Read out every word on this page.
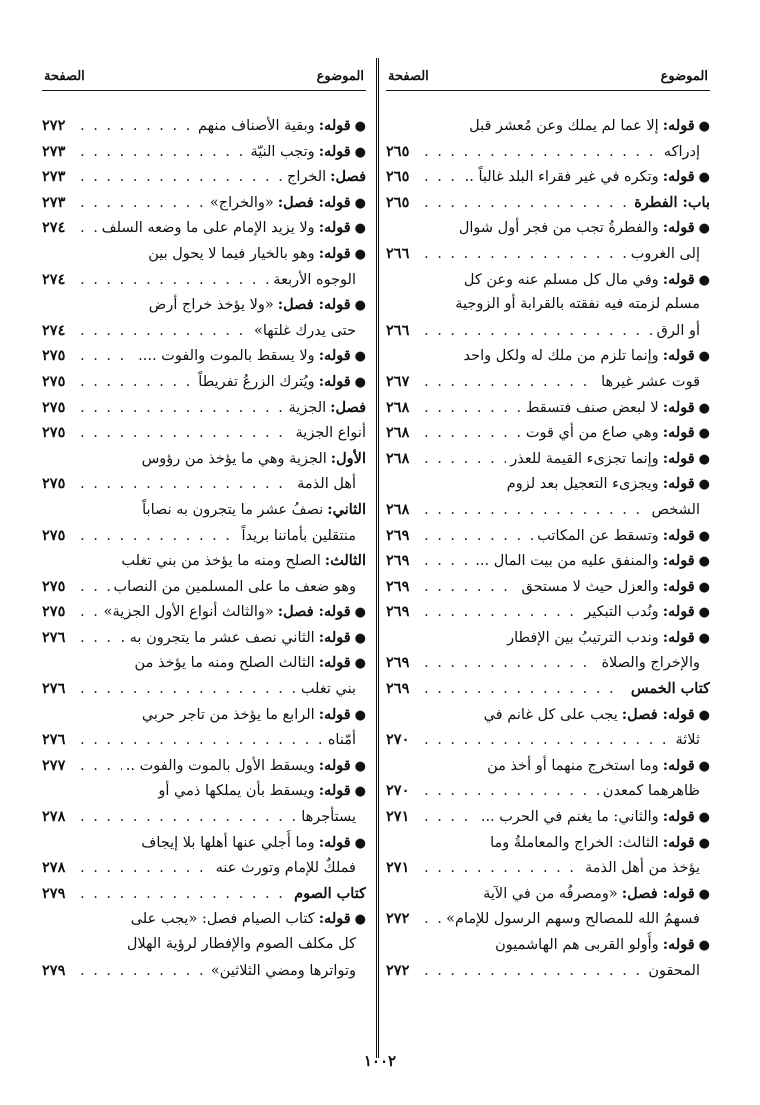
الموضوع
الصفحة
●
قوله:
إلا عما لم يملك وعن مُعشر قبل
إدراكه
. . .
٢٦٥
●
قوله:
وتكره في غير فقراء البلد غالباً ..
. . .
٢٦٥
باب: الفطرة
. . .
٢٦٥
●
قوله:
والفطرةُ تجب من فجر أول شوال
إلى الغروب
. . .
٢٦٦
●
قوله:
وفي مال كل مسلم عنه وعن كل
مسلم لزمته فيه نفقته بالقرابة أو الزوجية
أو الرق
. . .
٢٦٦
●
قوله:
وإنما تلزم من ملك له ولكل واحد
قوت عشر غيرها
. . .
٢٦٧
●
قوله:
لا لبعض صنف فتسقط
. . .
٢٦٨
●
قوله:
وهي صاع من أي قوت
. . .
٢٦٨
●
قوله:
وإنما تجزىء القيمة للعذر
. . .
٢٦٨
●
قوله:
ويجزىء التعجيل بعد لزوم
الشخص
. . .
٢٦٨
●
قوله:
وتسقط عن المكاتب
. . .
٢٦٩
●
قوله:
والمنفق عليه من بيت المال ...
. . .
٢٦٩
●
قوله:
والعزل حيث لا مستحق
. . .
٢٦٩
●
قوله:
ونُدب التبكير
. . .
٢٦٩
●
قوله:
وندب الترتيبُ بين الإفطار
والإخراج والصلاة
. . .
٢٦٩
كتاب الخمس
. . .
٢٦٩
●
قوله: فصل:
يجب على كل غانم في
ثلاثة
. . .
٢٧٠
●
قوله:
وما استخرج منهما أو أخذ من
ظاهرهما كمعدن
. . .
٢٧٠
●
قوله:
والثاني: ما يغنم في الحرب ...
. . .
٢٧١
●
قوله:
الثالث: الخراج والمعاملةُ وما
يؤخذ من أهل الذمة
. . .
٢٧١
●
قوله: فصل:
«ومصرفُه من في الآية
فسهمُ الله للمصالح وسهم الرسول للإمام»
. . .
٢٧٢
●
قوله:
وأُولو القربى هم الهاشميون
المحقون
. . .
٢٧٢
الموضوع
الصفحة
●
قوله:
وبقية الأصناف منهم
. . .
٢٧٢
●
قوله:
وتجب النيّة
. . .
٢٧٣
فصل:
الخراج
. . .
٢٧٣
●
قوله: فصل:
«والخراج»
. . .
٢٧٣
●
قوله:
ولا يزيد الإمام على ما وضعه السلف
. . .
٢٧٤
●
قوله:
وهو بالخيار فيما لا يحول بين
الوجوه الأربعة
. . .
٢٧٤
●
قوله: فصل:
«ولا يؤخذ خراج أرض
حتى يدرك غلتها»
. . .
٢٧٤
●
قوله:
ولا يسقط بالموت والفوت ....
. . .
٢٧٥
●
قوله:
ويُترك الزرعُ تفريطاً
. . .
٢٧٥
فصل:
الجزية
. . .
٢٧٥
أنواع الجزية
. . .
٢٧٥
الأول:
الجزية وهي ما يؤخذ من رؤوس
أهل الذمة
. . .
٢٧٥
الثاني:
نصفُ عشر ما يتجرون به نصاباً
منتقلين بأماننا بريداً
. . .
٢٧٥
الثالث:
الصلح ومنه ما يؤخذ من بني تغلب
وهو ضعف ما على المسلمين من النصاب
. . .
٢٧٥
●
قوله: فصل:
«والثالث أنواع الأول الجزية»
. . .
٢٧٥
●
قوله:
الثاني نصف عشر ما يتجرون به .
. . .
٢٧٦
●
قوله:
الثالث الصلح ومنه ما يؤخذ من
بني تغلب
. . .
٢٧٦
●
قوله:
الرابع ما يؤخذ من تاجر حربي
أمّناه
. . .
٢٧٦
●
قوله:
ويسقط الأول بالموت والفوت ..
. . .
٢٧٧
●
قوله:
ويسقط بأن يملكها ذمي أو
يستأجرها
. . .
٢٧٨
●
قوله:
وما أُجلي عنها أهلها بلا إيجاف
فملكٌ للإمام وتورث عنه
. . .
٢٧٨
كتاب الصوم
. . .
٢٧٩
●
قوله:
كتاب الصيام فصل: «يجب على
كل مكلف الصوم والإفطار لرؤية الهلال
وتواترها ومضي الثلاثين»
. . .
٢٧٩
١٠٠٢
